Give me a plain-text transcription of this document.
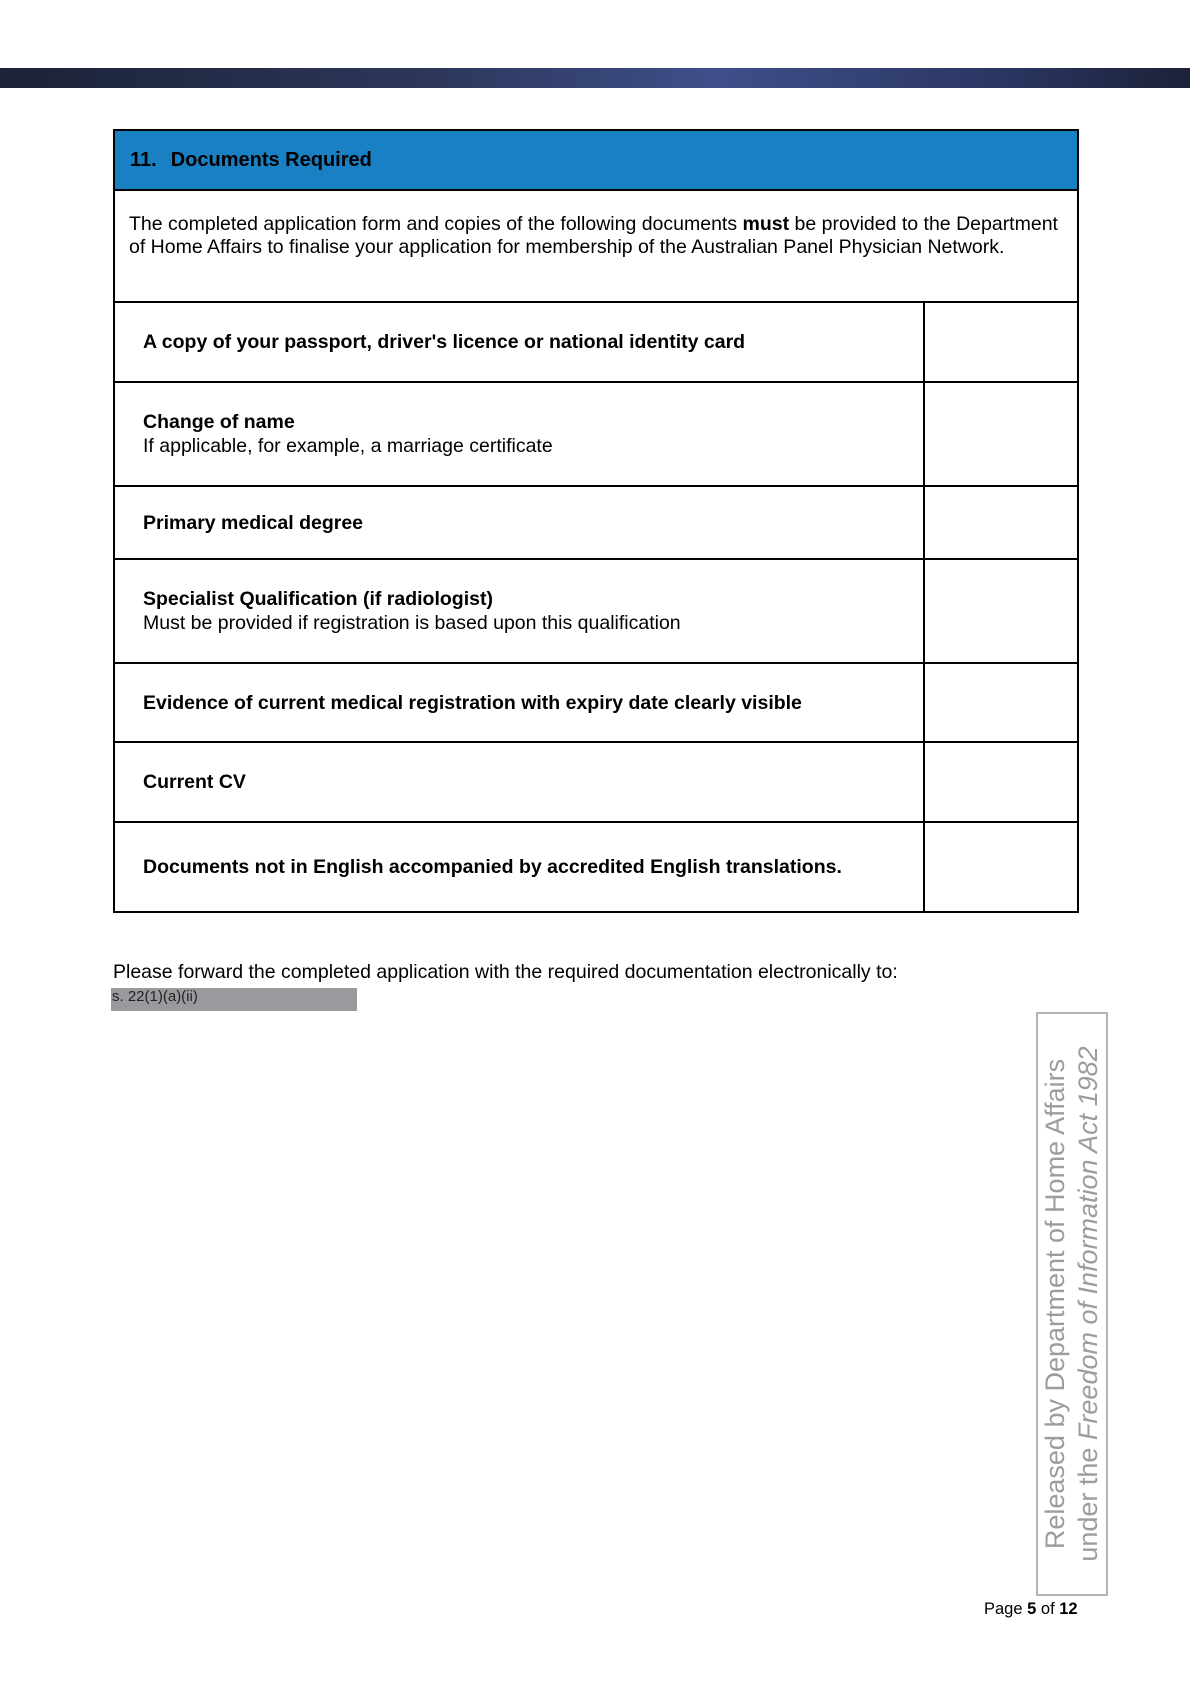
11. Documents Required
The completed application form and copies of the following documents must be provided to the Department of Home Affairs to finalise your application for membership of the Australian Panel Physician Network.
A copy of your passport, driver's licence or national identity card
Change of name
If applicable, for example, a marriage certificate
Primary medical degree
Specialist Qualification (if radiologist)
Must be provided if registration is based upon this qualification
Evidence of current medical registration with expiry date clearly visible
Current CV
Documents not in English accompanied by accredited English translations.
Please forward the completed application with the required documentation electronically to:
s. 22(1)(a)(ii)
Released by Department of Home Affairs under the Freedom of Information Act 1982
Page 5 of 12
